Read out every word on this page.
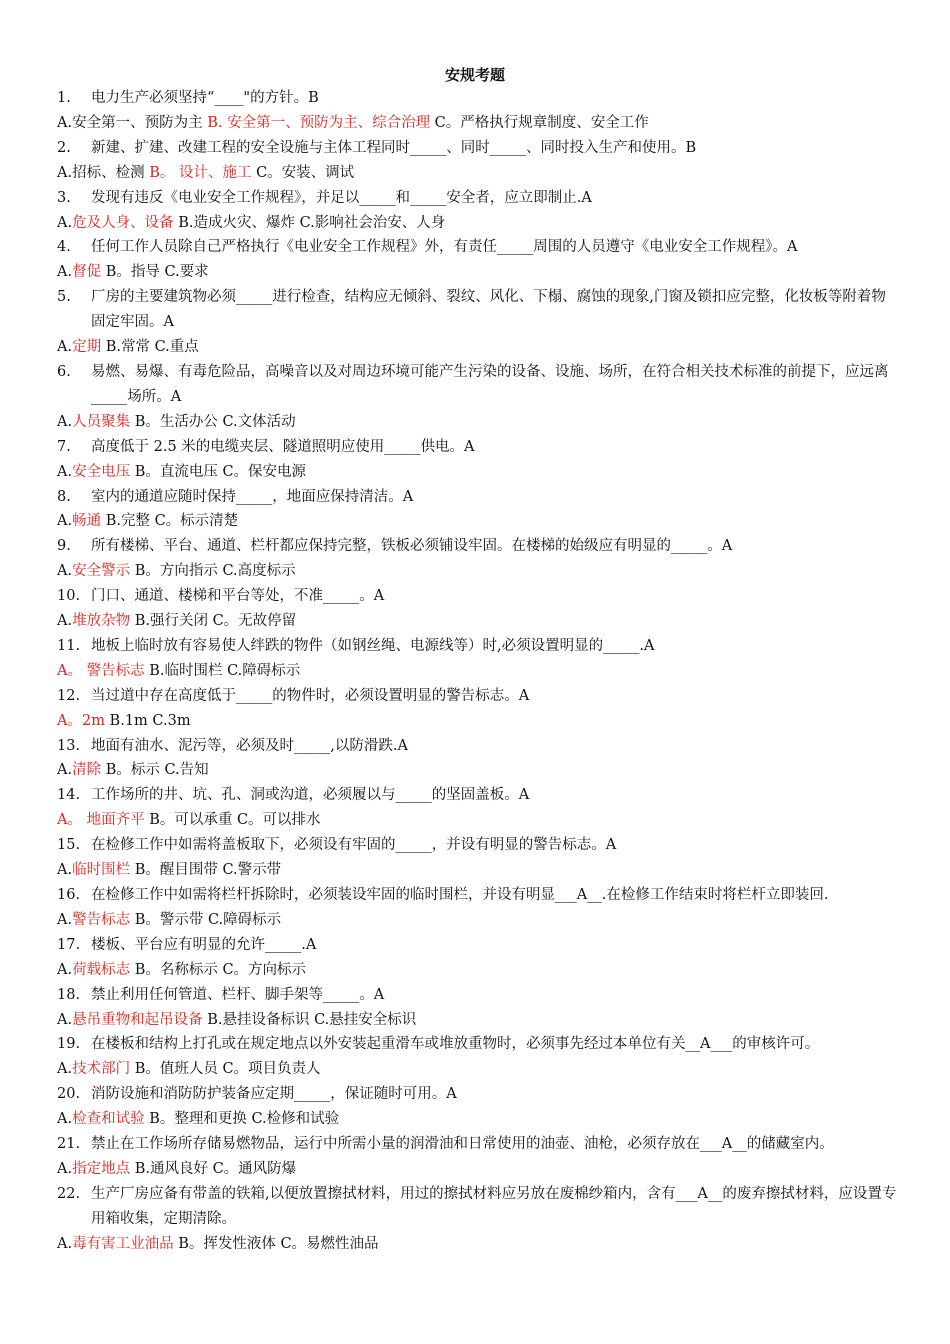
安规考题
1.	电力生产必须坚持“____"的方针。B
A.安全第一、预防为主 B. 安全第一、预防为主、综合治理 C。严格执行规章制度、安全工作
2.	新建、扩建、改建工程的安全设施与主体工程同时_____、同时_____、同时投入生产和使用。B
A.招标、检测 B。 设计、施工 C。安装、调试
3.	发现有违反《电业安全工作规程》，并足以_____和_____安全者，应立即制止.A
A.危及人身、设备 B.造成火灾、爆炸 C.影响社会治安、人身
4.	任何工作人员除自己严格执行《电业安全工作规程》外，有责任_____周围的人员遵守《电业安全工作规程》。A
A.督促 B。指导 C.要求
5.	厂房的主要建筑物必须_____进行检查，结构应无倾斜、裂纹、风化、下榻、腐蚀的现象,门窗及锁扣应完整，化妆板等附着物固定牢固。A
A.定期 B.常常 C.重点
6.	易燃、易爆、有毒危险品，高噪音以及对周边环境可能产生污染的设备、设施、场所，在符合相关技术标准的前提下，应远离_____场所。A
A.人员聚集 B。生活办公 C.文体活动
7.	高度低于 2.5 米的电缆夹层、隧道照明应使用_____供电。A
A.安全电压 B。直流电压 C。保安电源
8.	室内的通道应随时保持_____，地面应保持清洁。A
A.畅通 B.完整 C。标示清楚
9.	所有楼梯、平台、通道、栏杆都应保持完整，铁板必须铺设牢固。在楼梯的始级应有明显的_____。A
A.安全警示 B。方向指示 C.高度标示
10. 门口、通道、楼梯和平台等处，不准_____。A
A.堆放杂物 B.强行关闭 C。无故停留
11. 地板上临时放有容易使人绊跌的物件（如钢丝绳、电源线等）时,必须设置明显的_____.A
A。 警告标志 B.临时围栏 C.障碍标示
12. 当过道中存在高度低于_____的物件时，必须设置明显的警告标志。A
A。2m B.1m C.3m
13. 地面有油水、泥污等，必须及时_____,以防滑跌.A
A.清除 B。标示 C.告知
14. 工作场所的井、坑、孔、洞或沟道，必须履以与_____的坚固盖板。A
A。 地面齐平 B。可以承重 C。可以排水
15. 在检修工作中如需将盖板取下，必须设有牢固的_____，并设有明显的警告标志。A
A.临时围栏 B。醒目围带 C.警示带
16. 在检修工作中如需将栏杆拆除时，必须装设牢固的临时围栏，并设有明显___A__.在检修工作结束时将栏杆立即装回.
A.警告标志 B。警示带 C.障碍标示
17. 楼板、平台应有明显的允许_____.A
A.荷载标志 B。名称标示 C。方向标示
18. 禁止利用任何管道、栏杆、脚手架等_____。A
A.悬吊重物和起吊设备 B.悬挂设备标识 C.悬挂安全标识
19. 在楼板和结构上打孔或在规定地点以外安装起重滑车或堆放重物时，必须事先经过本单位有关__A___的审核许可。
A.技术部门 B。值班人员 C。项目负责人
20. 消防设施和消防防护装备应定期_____，保证随时可用。A
A.检查和试验 B。整理和更换 C.检修和试验
21. 禁止在工作场所存储易燃物品，运行中所需小量的润滑油和日常使用的油壶、油枪，必须存放在___A__的储藏室内。
A.指定地点 B.通风良好 C。通风防爆
22. 生产厂房应备有带盖的铁箱,以便放置擦拭材料，用过的擦拭材料应另放在废棉纱箱内，含有___A__的废弃擦拭材料，应设置专用箱收集，定期清除。
A.毒有害工业油品 B。挥发性液体 C。易燃性油品
